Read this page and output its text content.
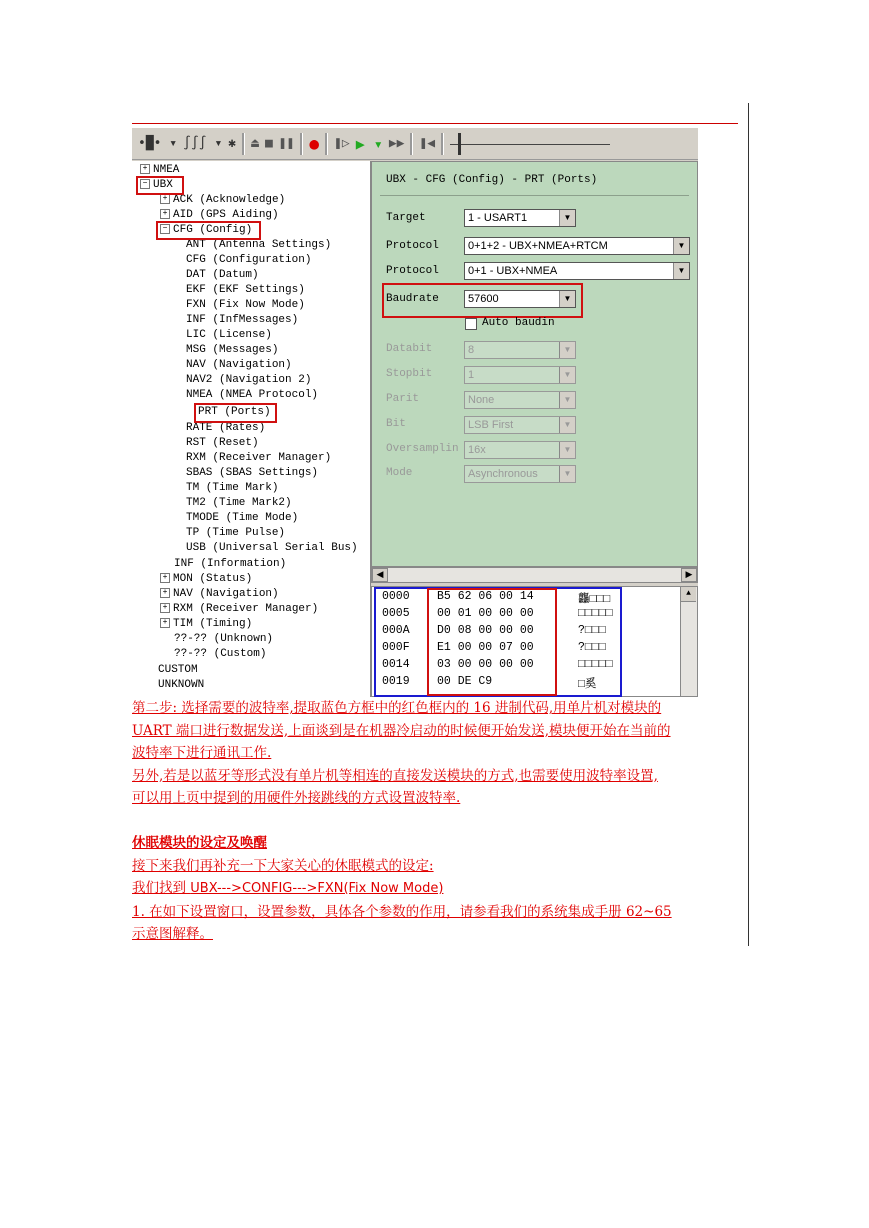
•█• ▾ ∫∫∫ ▾ ✱ ⏏ ■ ❚❚ ● ❚▷ ▶ ▾ ▶▶ ❚◀
+ NMEA
− UBX
+ ACK (Acknowledge)
+ AID (GPS Aiding)
− CFG (Config)
ANT (Antenna Settings)
CFG (Configuration)
DAT (Datum)
EKF (EKF Settings)
FXN (Fix Now Mode)
INF (InfMessages)
LIC (License)
MSG (Messages)
NAV (Navigation)
NAV2 (Navigation 2)
NMEA (NMEA Protocol)
PRT (Ports)
RATE (Rates)
RST (Reset)
RXM (Receiver Manager)
SBAS (SBAS Settings)
TM (Time Mark)
TM2 (Time Mark2)
TMODE (Time Mode)
TP (Time Pulse)
USB (Universal Serial Bus)
INF (Information)
+ MON (Status)
+ NAV (Navigation)
+ RXM (Receiver Manager)
+ TIM (Timing)
??-?? (Unknown)
??-?? (Custom)
CUSTOM
UNKNOWN
UBX - CFG (Config) - PRT (Ports)
Target	1 - USART1	▼
Protocol	0+1+2 - UBX+NMEA+RTCM	▼
Protocol	0+1 - UBX+NMEA	▼
Baudrate	57600	▼
Auto baudin
Databit	8	▼
Stopbit	1	▼
Parit	None	▼
Bit	LSB First	▼
Oversamplin 16x	▼
Mode	Asynchronous	▼
◀	▶
0000 B5 62 06 00 14	龘□□□
0005 00 01 00 00 00	□□□□□
000A D0 08 00 00 00	?□□□
000F E1 00 00 07 00	?□□□
0014 03 00 00 00 00	□□□□□
0019 00 DE C9	□奚
▲

第二步: 选择需要的波特率,提取蓝色方框中的红色框内的 16 进制代码,用单片机对模块的

UART 端口进行数据发送,上面谈到是在机器冷启动的时候便开始发送,模块便开始在当前的

波特率下进行通讯工作.

另外,若是以蓝牙等形式没有单片机等相连的直接发送模块的方式,也需要使用波特率设置,

可以用上页中提到的用硬件外接跳线的方式设置波特率.

休眠模块的设定及唤醒

接下来我们再补充一下大家关心的休眠模式的设定:

我们找到 UBX--->CONFIG--->FXN(Fix Now Mode)

1. 在如下设置窗口，设置参数，具体各个参数的作用，请参看我们的系统集成手册 62~65

示意图解释。
